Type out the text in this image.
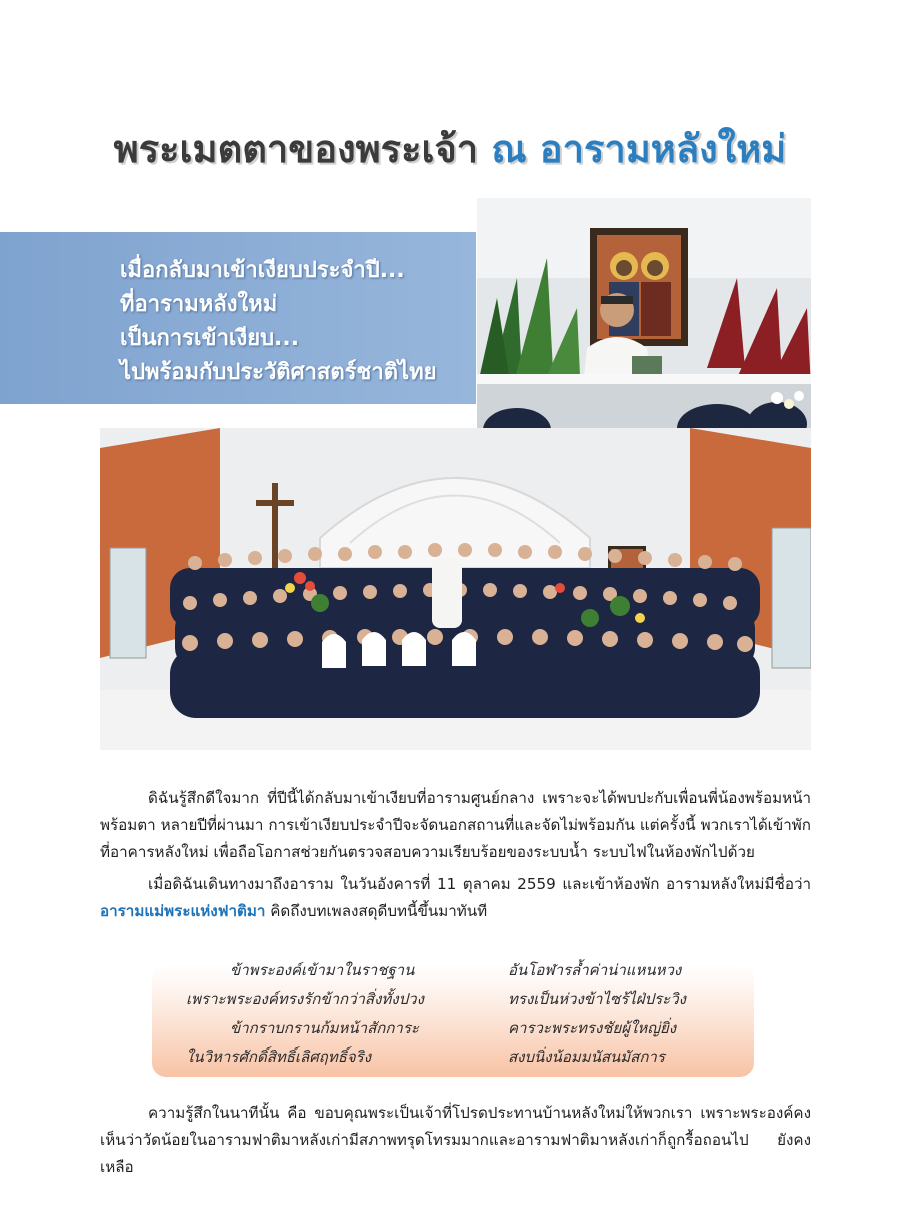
พระเมตตาของพระเจ้า ณ อารามหลังใหม่
เมื่อกลับมาเข้าเงียบประจำปี...
ที่อารามหลังใหม่
เป็นการเข้าเงียบ...
ไปพร้อมกับประวัติศาสตร์ชาติไทย
ดิฉันรู้สึกดีใจมาก ที่ปีนี้ได้กลับมาเข้าเงียบที่อารามศูนย์กลาง เพราะจะได้พบปะกับเพื่อนพี่น้องพร้อมหน้าพร้อมตา หลายปีที่ผ่านมา การเข้าเงียบประจำปีจะจัดนอกสถานที่และจัดไม่พร้อมกัน แต่ครั้งนี้ พวกเราได้เข้าพักที่อาคารหลังใหม่ เพื่อถือโอกาสช่วยกันตรวจสอบความเรียบร้อยของระบบน้ำ ระบบไฟในห้องพักไปด้วย
เมื่อดิฉันเดินทางมาถึงอาราม ในวันอังคารที่ 11 ตุลาคม 2559 และเข้าห้องพัก อารามหลังใหม่มีชื่อว่า อารามแม่พระแห่งฟาติมา คิดถึงบทเพลงสดุดีบทนี้ขึ้นมาทันที
ข้าพระองค์เข้ามาในราชฐาน
เพราะพระองค์ทรงรักข้ากว่าสิ่งทั้งปวง
ข้ากราบกรานก้มหน้าสักการะ
ในวิหารศักดิ์สิทธิ์เลิศฤทธิ์จริง
อันโอฬารล้ำค่าน่าแหนหวง
ทรงเป็นห่วงข้าไซร้ไฝ่ประวิง
คารวะพระทรงชัยผู้ใหญ่ยิ่ง
สงบนิ่งน้อมมนัสนมัสการ
ความรู้สึกในนาทีนั้น คือ ขอบคุณพระเป็นเจ้าที่โปรดประทานบ้านหลังใหม่ให้พวกเรา เพราะพระองค์คงเห็นว่าวัดน้อยในอารามฟาติมาหลังเก่ามีสภาพทรุดโทรมมากและอารามฟาติมาหลังเก่าก็ถูกรื้อถอนไป ยังคงเหลือ
